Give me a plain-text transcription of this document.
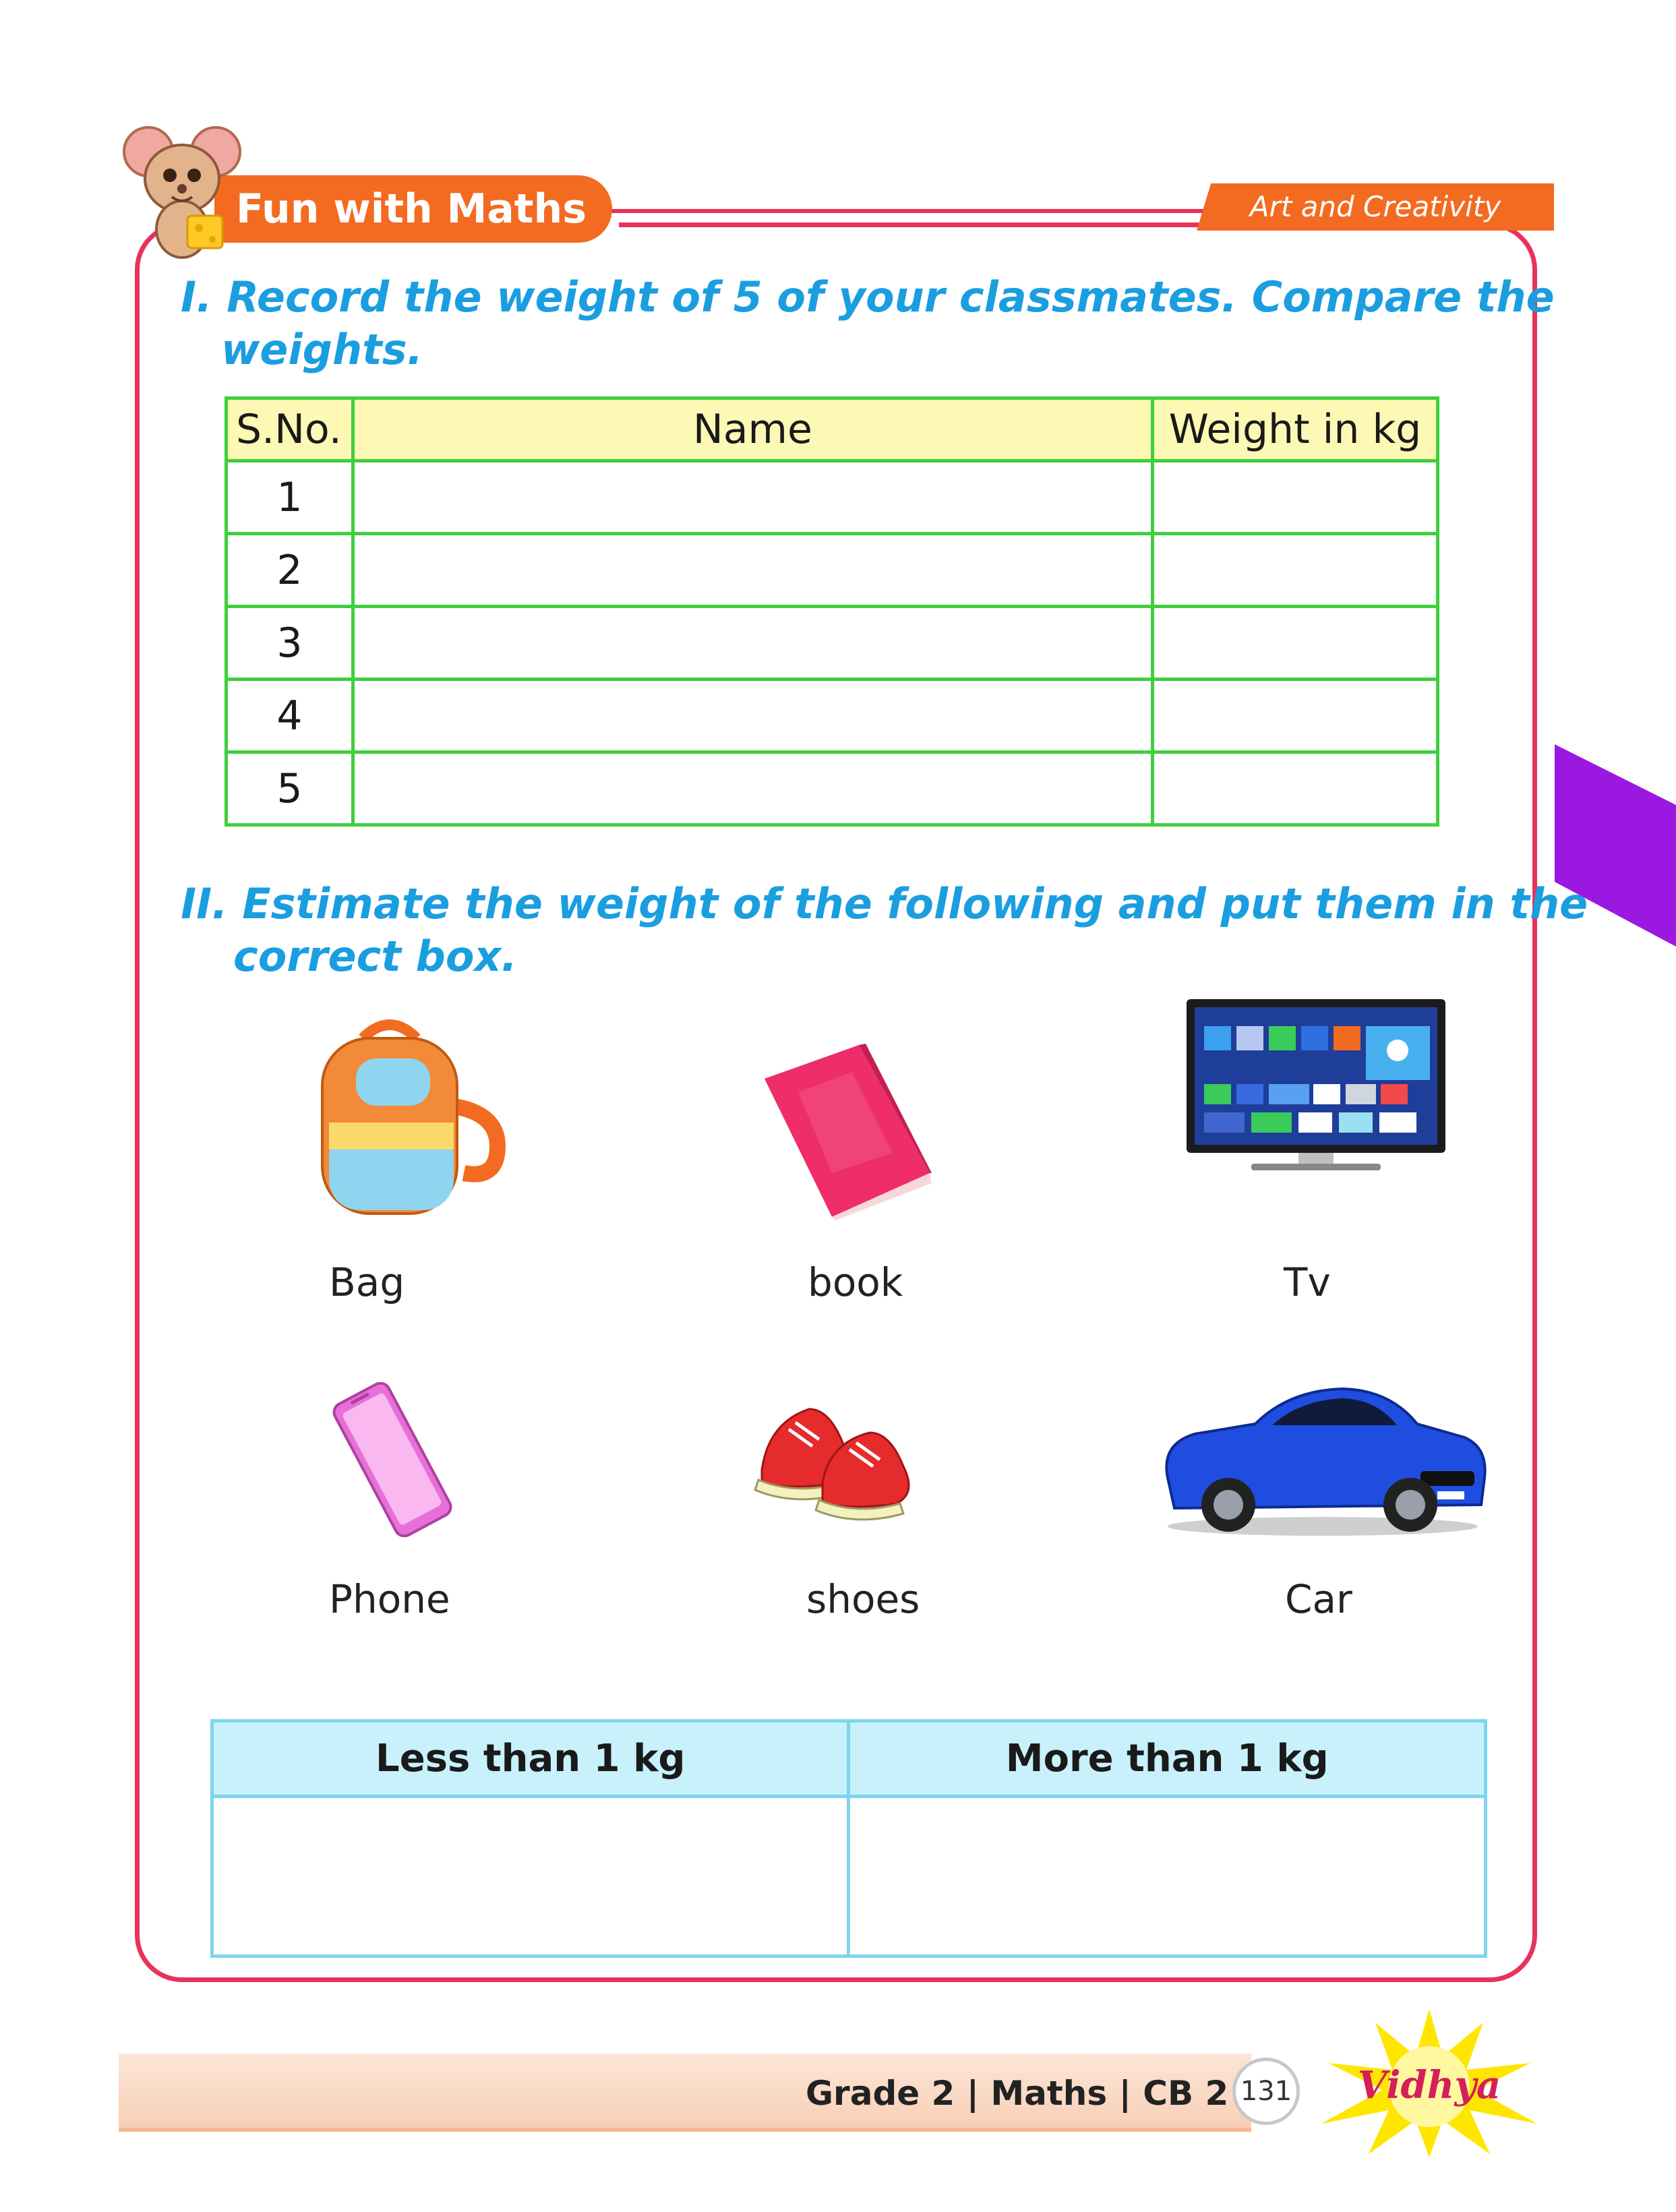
Fun with Maths	Art and Creativity
I. Record the weight of 5 of your classmates. Compare the
weights.
S.No.	Name	Weight in kg
1		
2		
3		
4		
5		
II. Estimate the weight of the following and put them in the
correct box.
Bag	book	Tv
Phone	shoes	Car
Less than 1 kg	More than 1 kg

Grade 2 | Maths | CB 2 131 Vidhya
